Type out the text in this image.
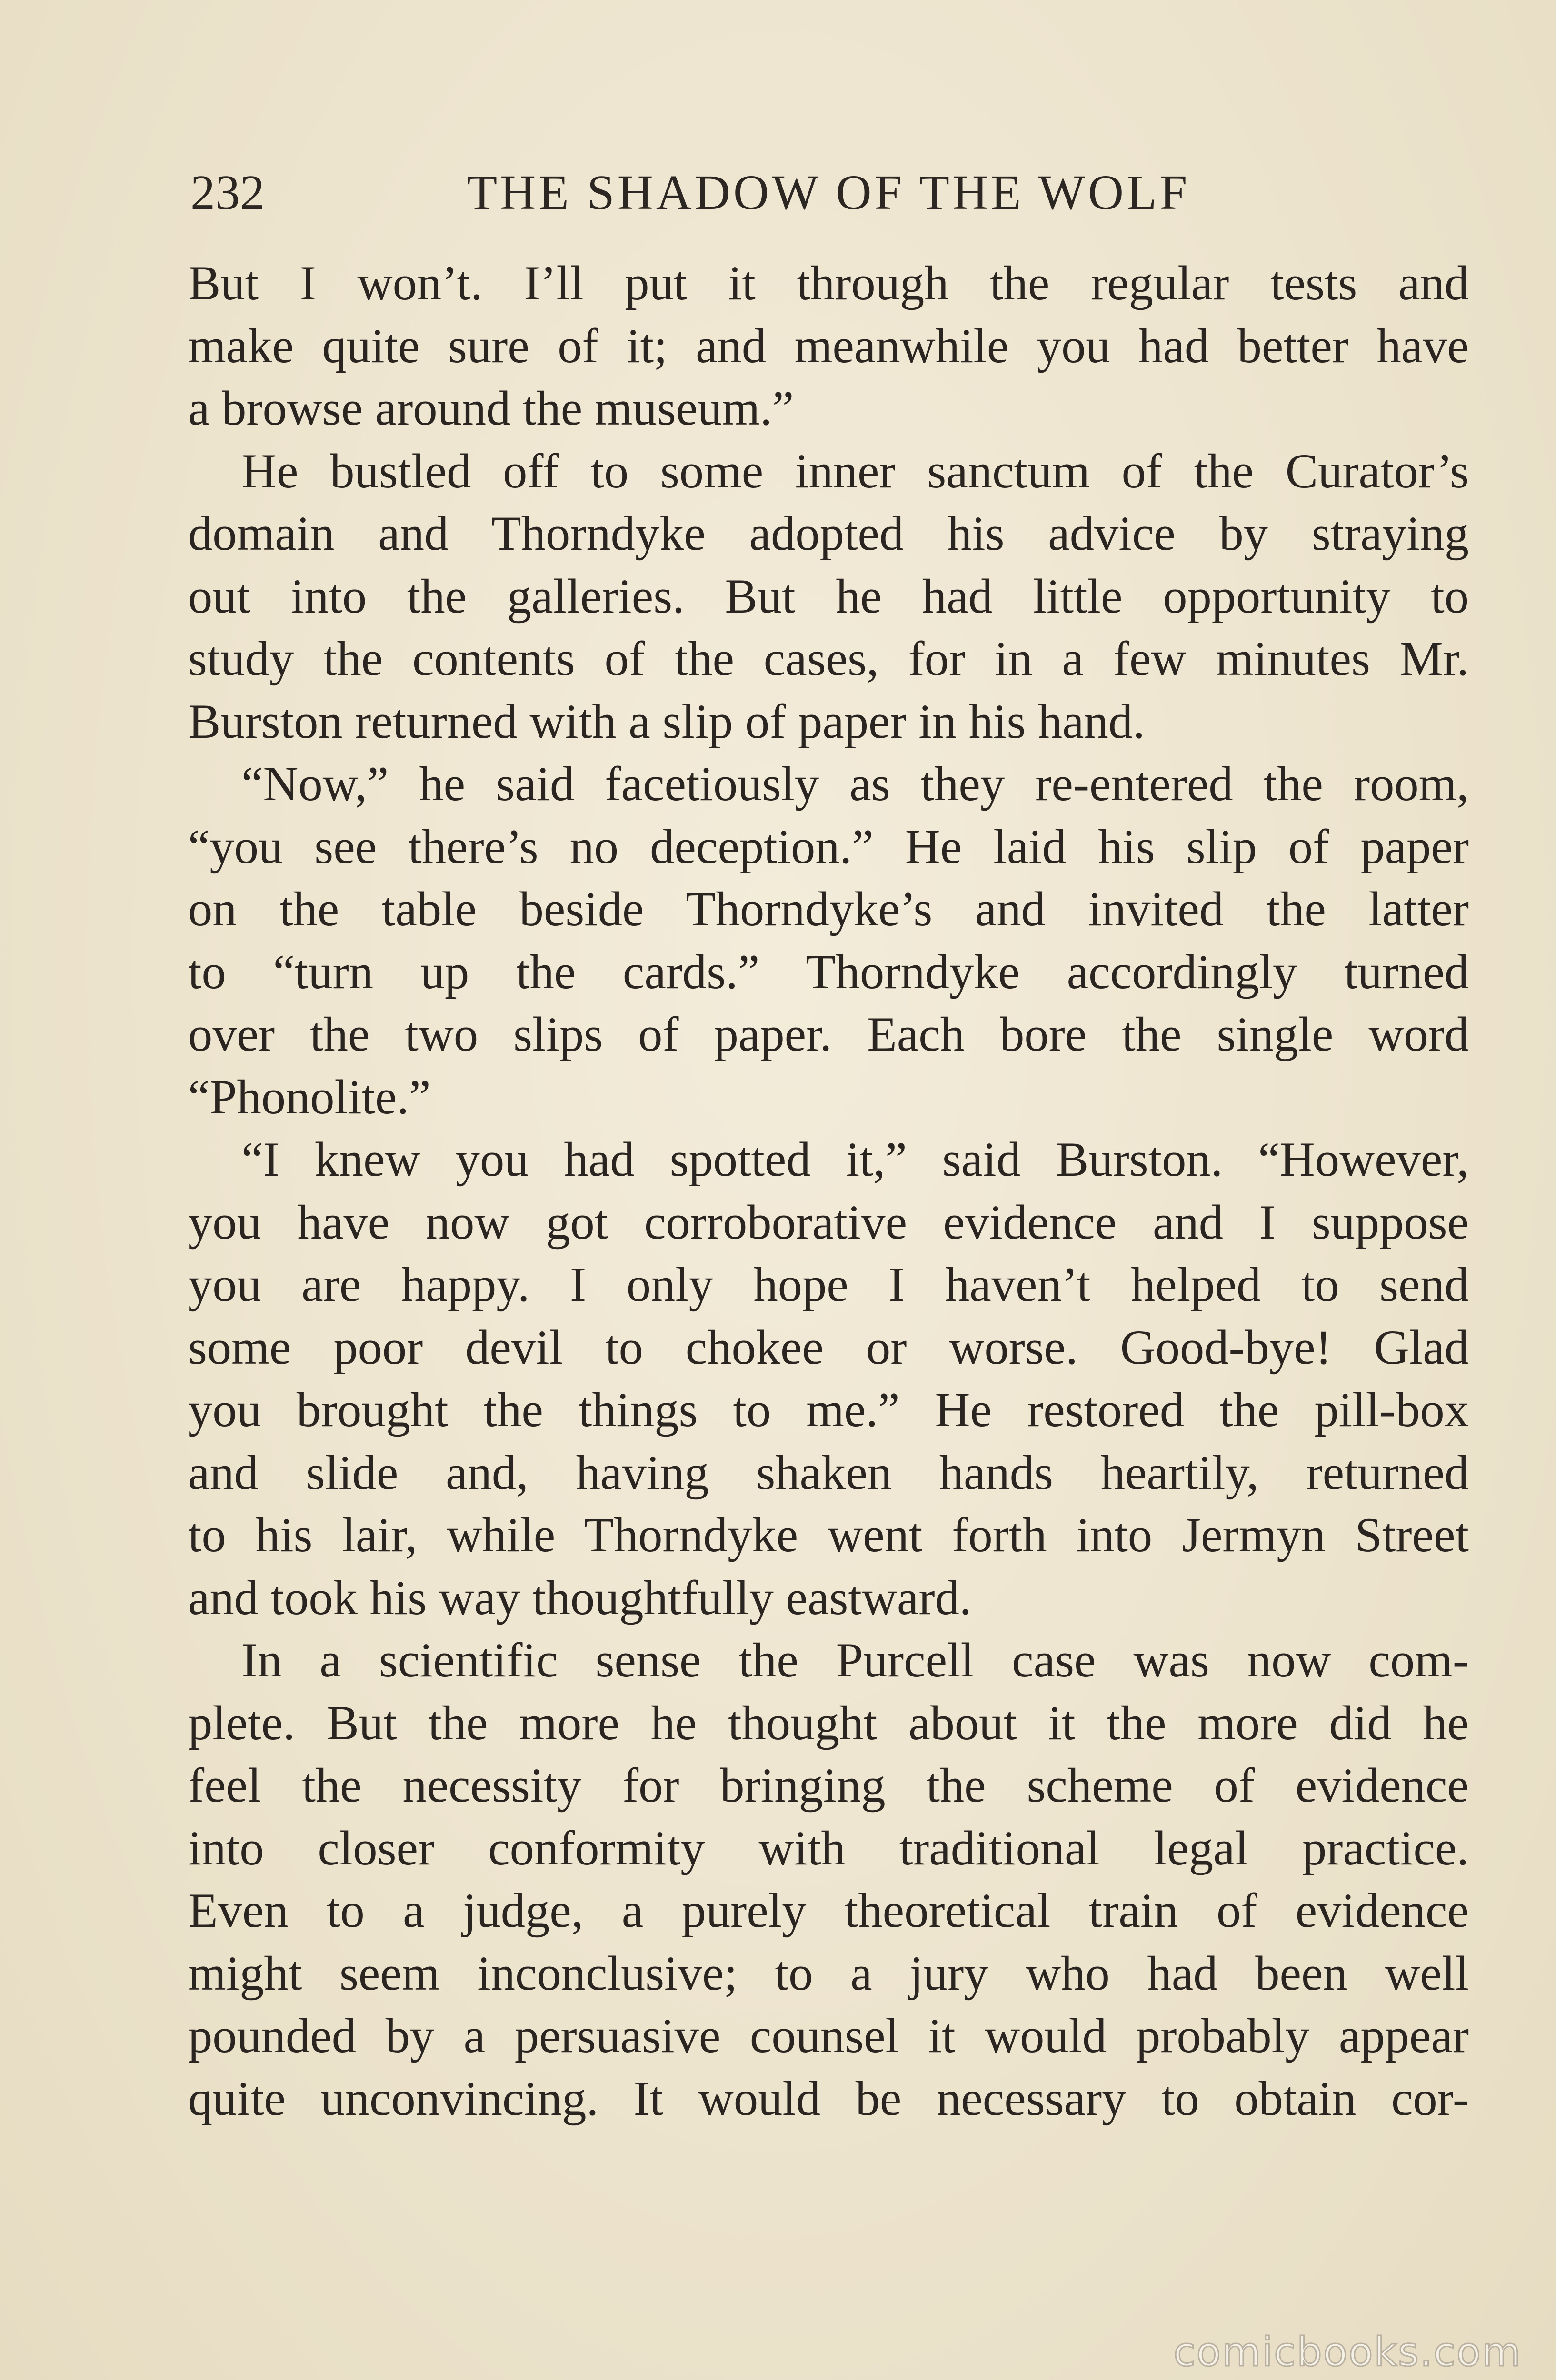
232	THE SHADOW OF THE WOLF
But I won’t. I’ll put it through the regular tests and
make quite sure of it; and meanwhile you had better have
a browse around the museum.”
He bustled off to some inner sanctum of the Curator’s
domain and Thorndyke adopted his advice by straying
out into the galleries. But he had little opportunity to
study the contents of the cases, for in a few minutes Mr.
Burston returned with a slip of paper in his hand.
“Now,” he said facetiously as they re-entered the room,
“you see there’s no deception.” He laid his slip of paper
on the table beside Thorndyke’s and invited the latter
to “turn up the cards.” Thorndyke accordingly turned
over the two slips of paper. Each bore the single word
“Phonolite.”
“I knew you had spotted it,” said Burston. “However,
you have now got corroborative evidence and I suppose
you are happy. I only hope I haven’t helped to send
some poor devil to chokee or worse. Good-bye! Glad
you brought the things to me.” He restored the pill-box
and slide and, having shaken hands heartily, returned
to his lair, while Thorndyke went forth into Jermyn Street
and took his way thoughtfully eastward.
In a scientific sense the Purcell case was now com-
plete. But the more he thought about it the more did he
feel the necessity for bringing the scheme of evidence
into closer conformity with traditional legal practice.
Even to a judge, a purely theoretical train of evidence
might seem inconclusive; to a jury who had been well
pounded by a persuasive counsel it would probably appear
quite unconvincing. It would be necessary to obtain cor-
comicbooks.com
